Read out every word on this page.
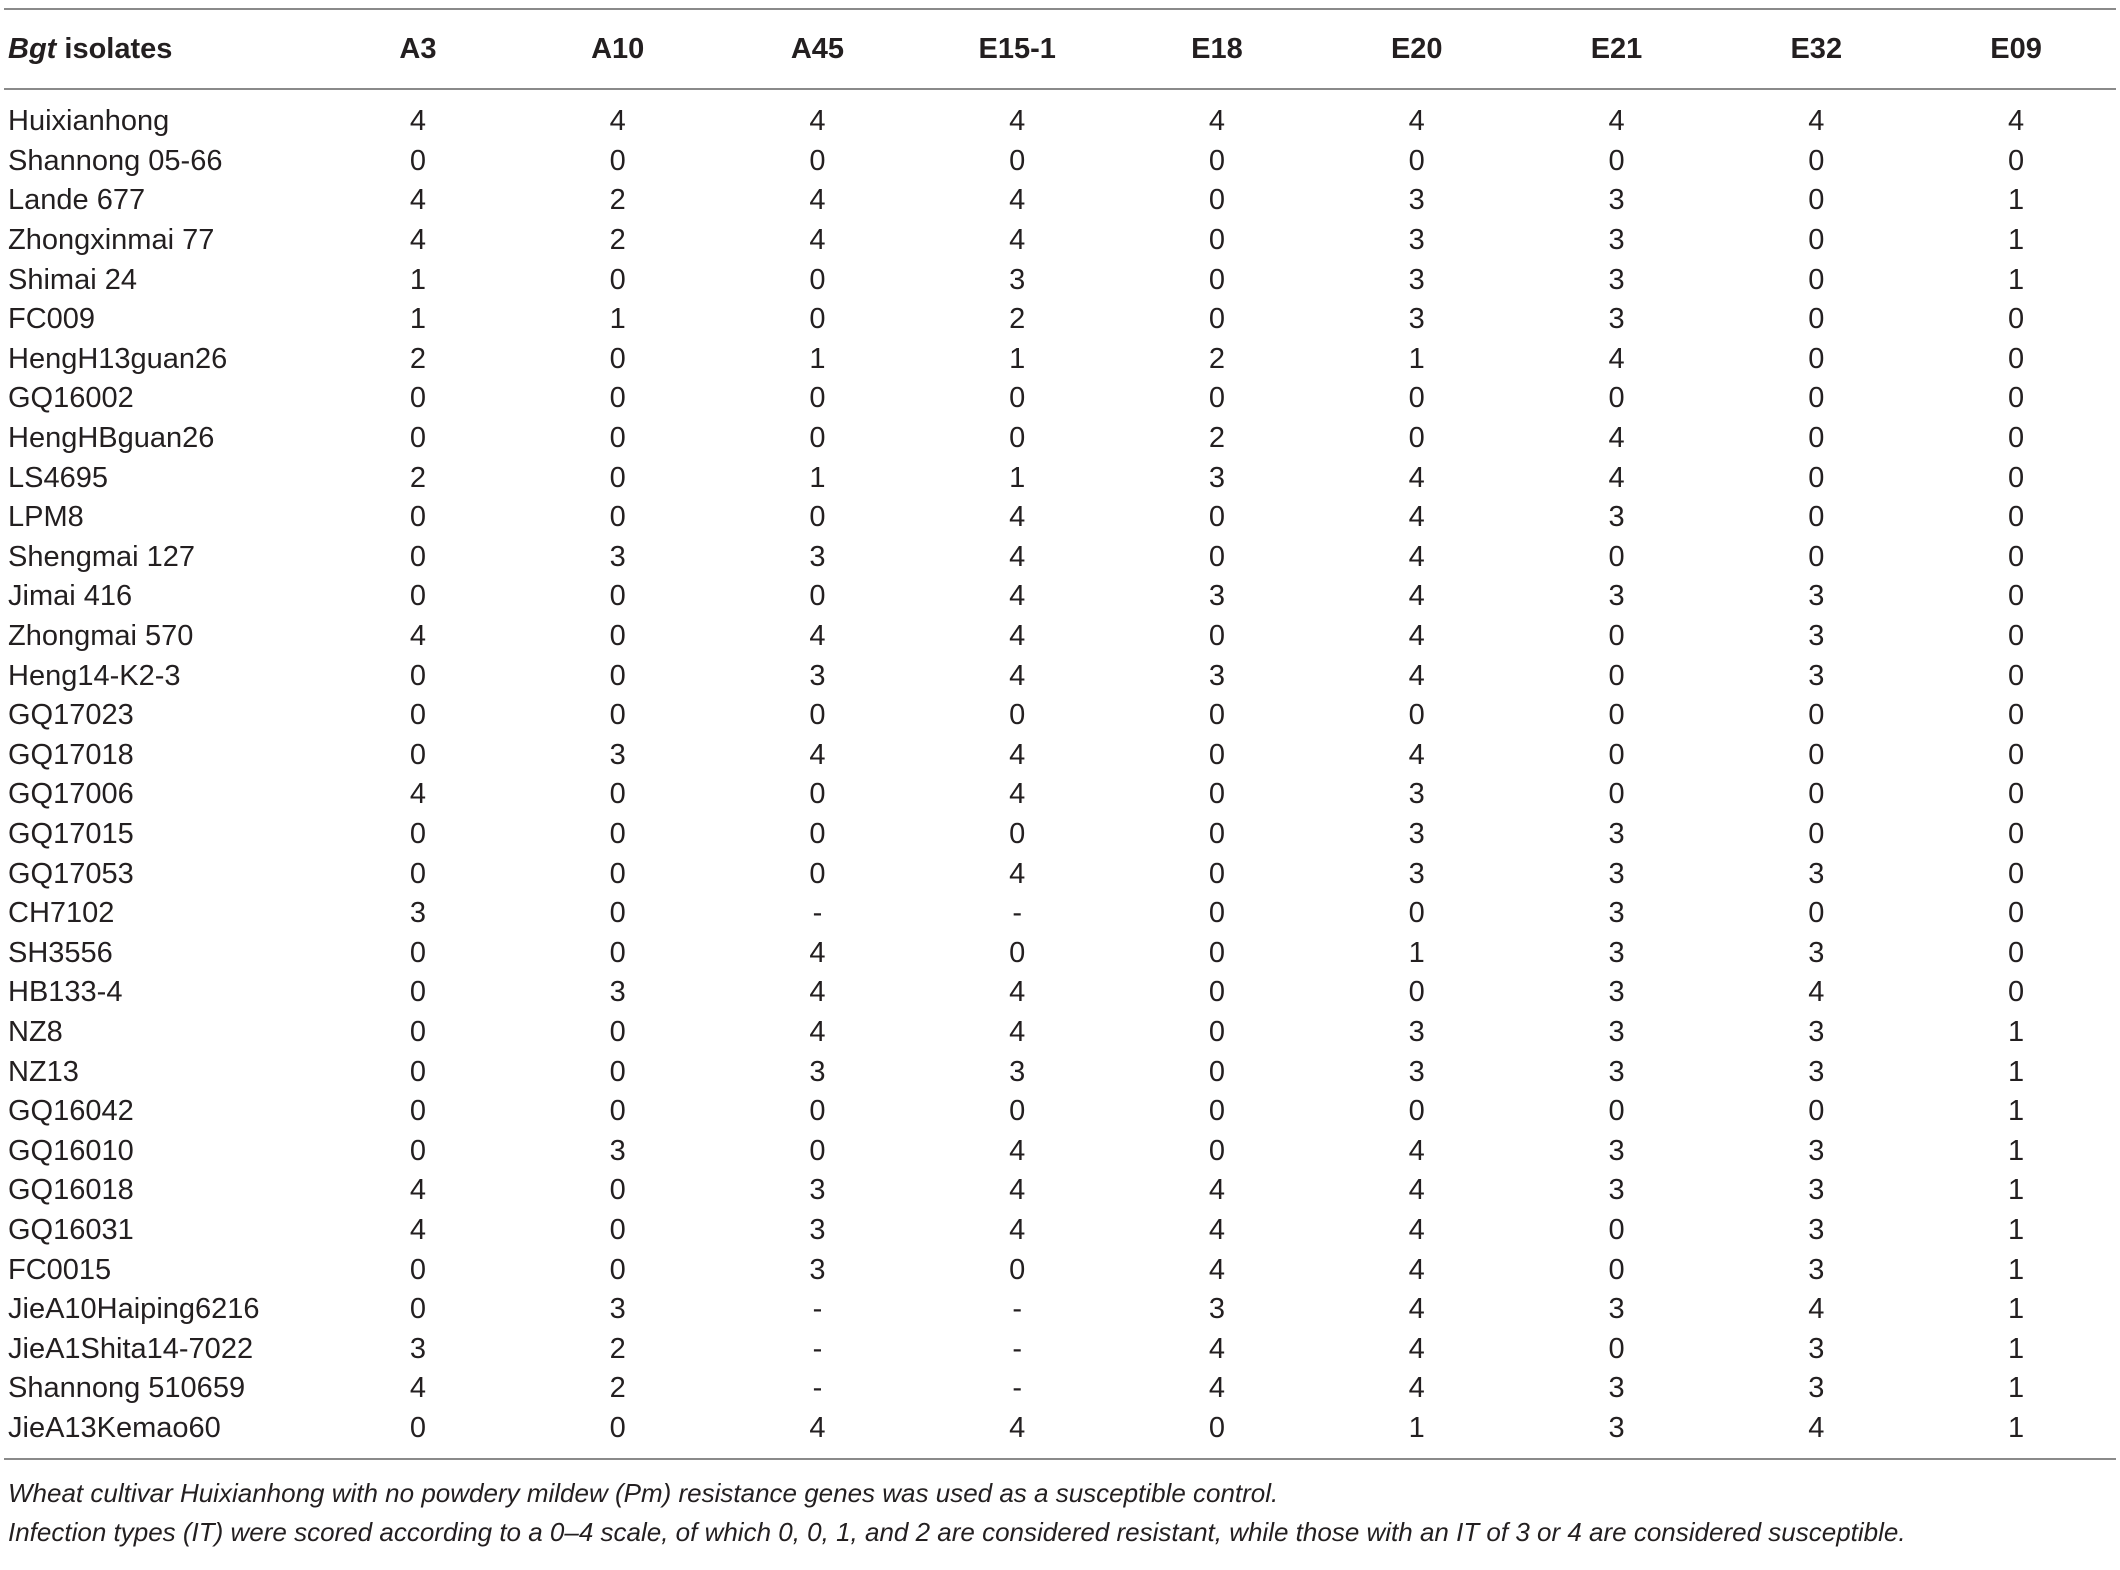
Bgt isolates	A3	A10	A45	E15-1	E18	E20	E21	E32	E09

Huixianhong	4	4	4	4	4	4	4	4	4
Shannong 05-66	0	0	0	0	0	0	0	0	0
Lande 677	4	2	4	4	0	3	3	0	1
Zhongxinmai 77	4	2	4	4	0	3	3	0	1
Shimai 24	1	0	0	3	0	3	3	0	1
FC009	1	1	0	2	0	3	3	0	0
HengH13guan26	2	0	1	1	2	1	4	0	0
GQ16002	0	0	0	0	0	0	0	0	0
HengHBguan26	0	0	0	0	2	0	4	0	0
LS4695	2	0	1	1	3	4	4	0	0
LPM8	0	0	0	4	0	4	3	0	0
Shengmai 127	0	3	3	4	0	4	0	0	0
Jimai 416	0	0	0	4	3	4	3	3	0
Zhongmai 570	4	0	4	4	0	4	0	3	0
Heng14-K2-3	0	0	3	4	3	4	0	3	0
GQ17023	0	0	0	0	0	0	0	0	0
GQ17018	0	3	4	4	0	4	0	0	0
GQ17006	4	0	0	4	0	3	0	0	0
GQ17015	0	0	0	0	0	3	3	0	0
GQ17053	0	0	0	4	0	3	3	3	0
CH7102	3	0	-	-	0	0	3	0	0
SH3556	0	0	4	0	0	1	3	3	0
HB133-4	0	3	4	4	0	0	3	4	0
NZ8	0	0	4	4	0	3	3	3	1
NZ13	0	0	3	3	0	3	3	3	1
GQ16042	0	0	0	0	0	0	0	0	1
GQ16010	0	3	0	4	0	4	3	3	1
GQ16018	4	0	3	4	4	4	3	3	1
GQ16031	4	0	3	4	4	4	0	3	1
FC0015	0	0	3	0	4	4	0	3	1
JieA10Haiping6216	0	3	-	-	3	4	3	4	1
JieA1Shita14-7022	3	2	-	-	4	4	0	3	1
Shannong 510659	4	2	-	-	4	4	3	3	1
JieA13Kemao60	0	0	4	4	0	1	3	4	1
Wheat cultivar Huixianhong with no powdery mildew (Pm) resistance genes was used as a susceptible control.
Infection types (IT) were scored according to a 0–4 scale, of which 0, 0, 1, and 2 are considered resistant, while those with an IT of 3 or 4 are considered susceptible.
